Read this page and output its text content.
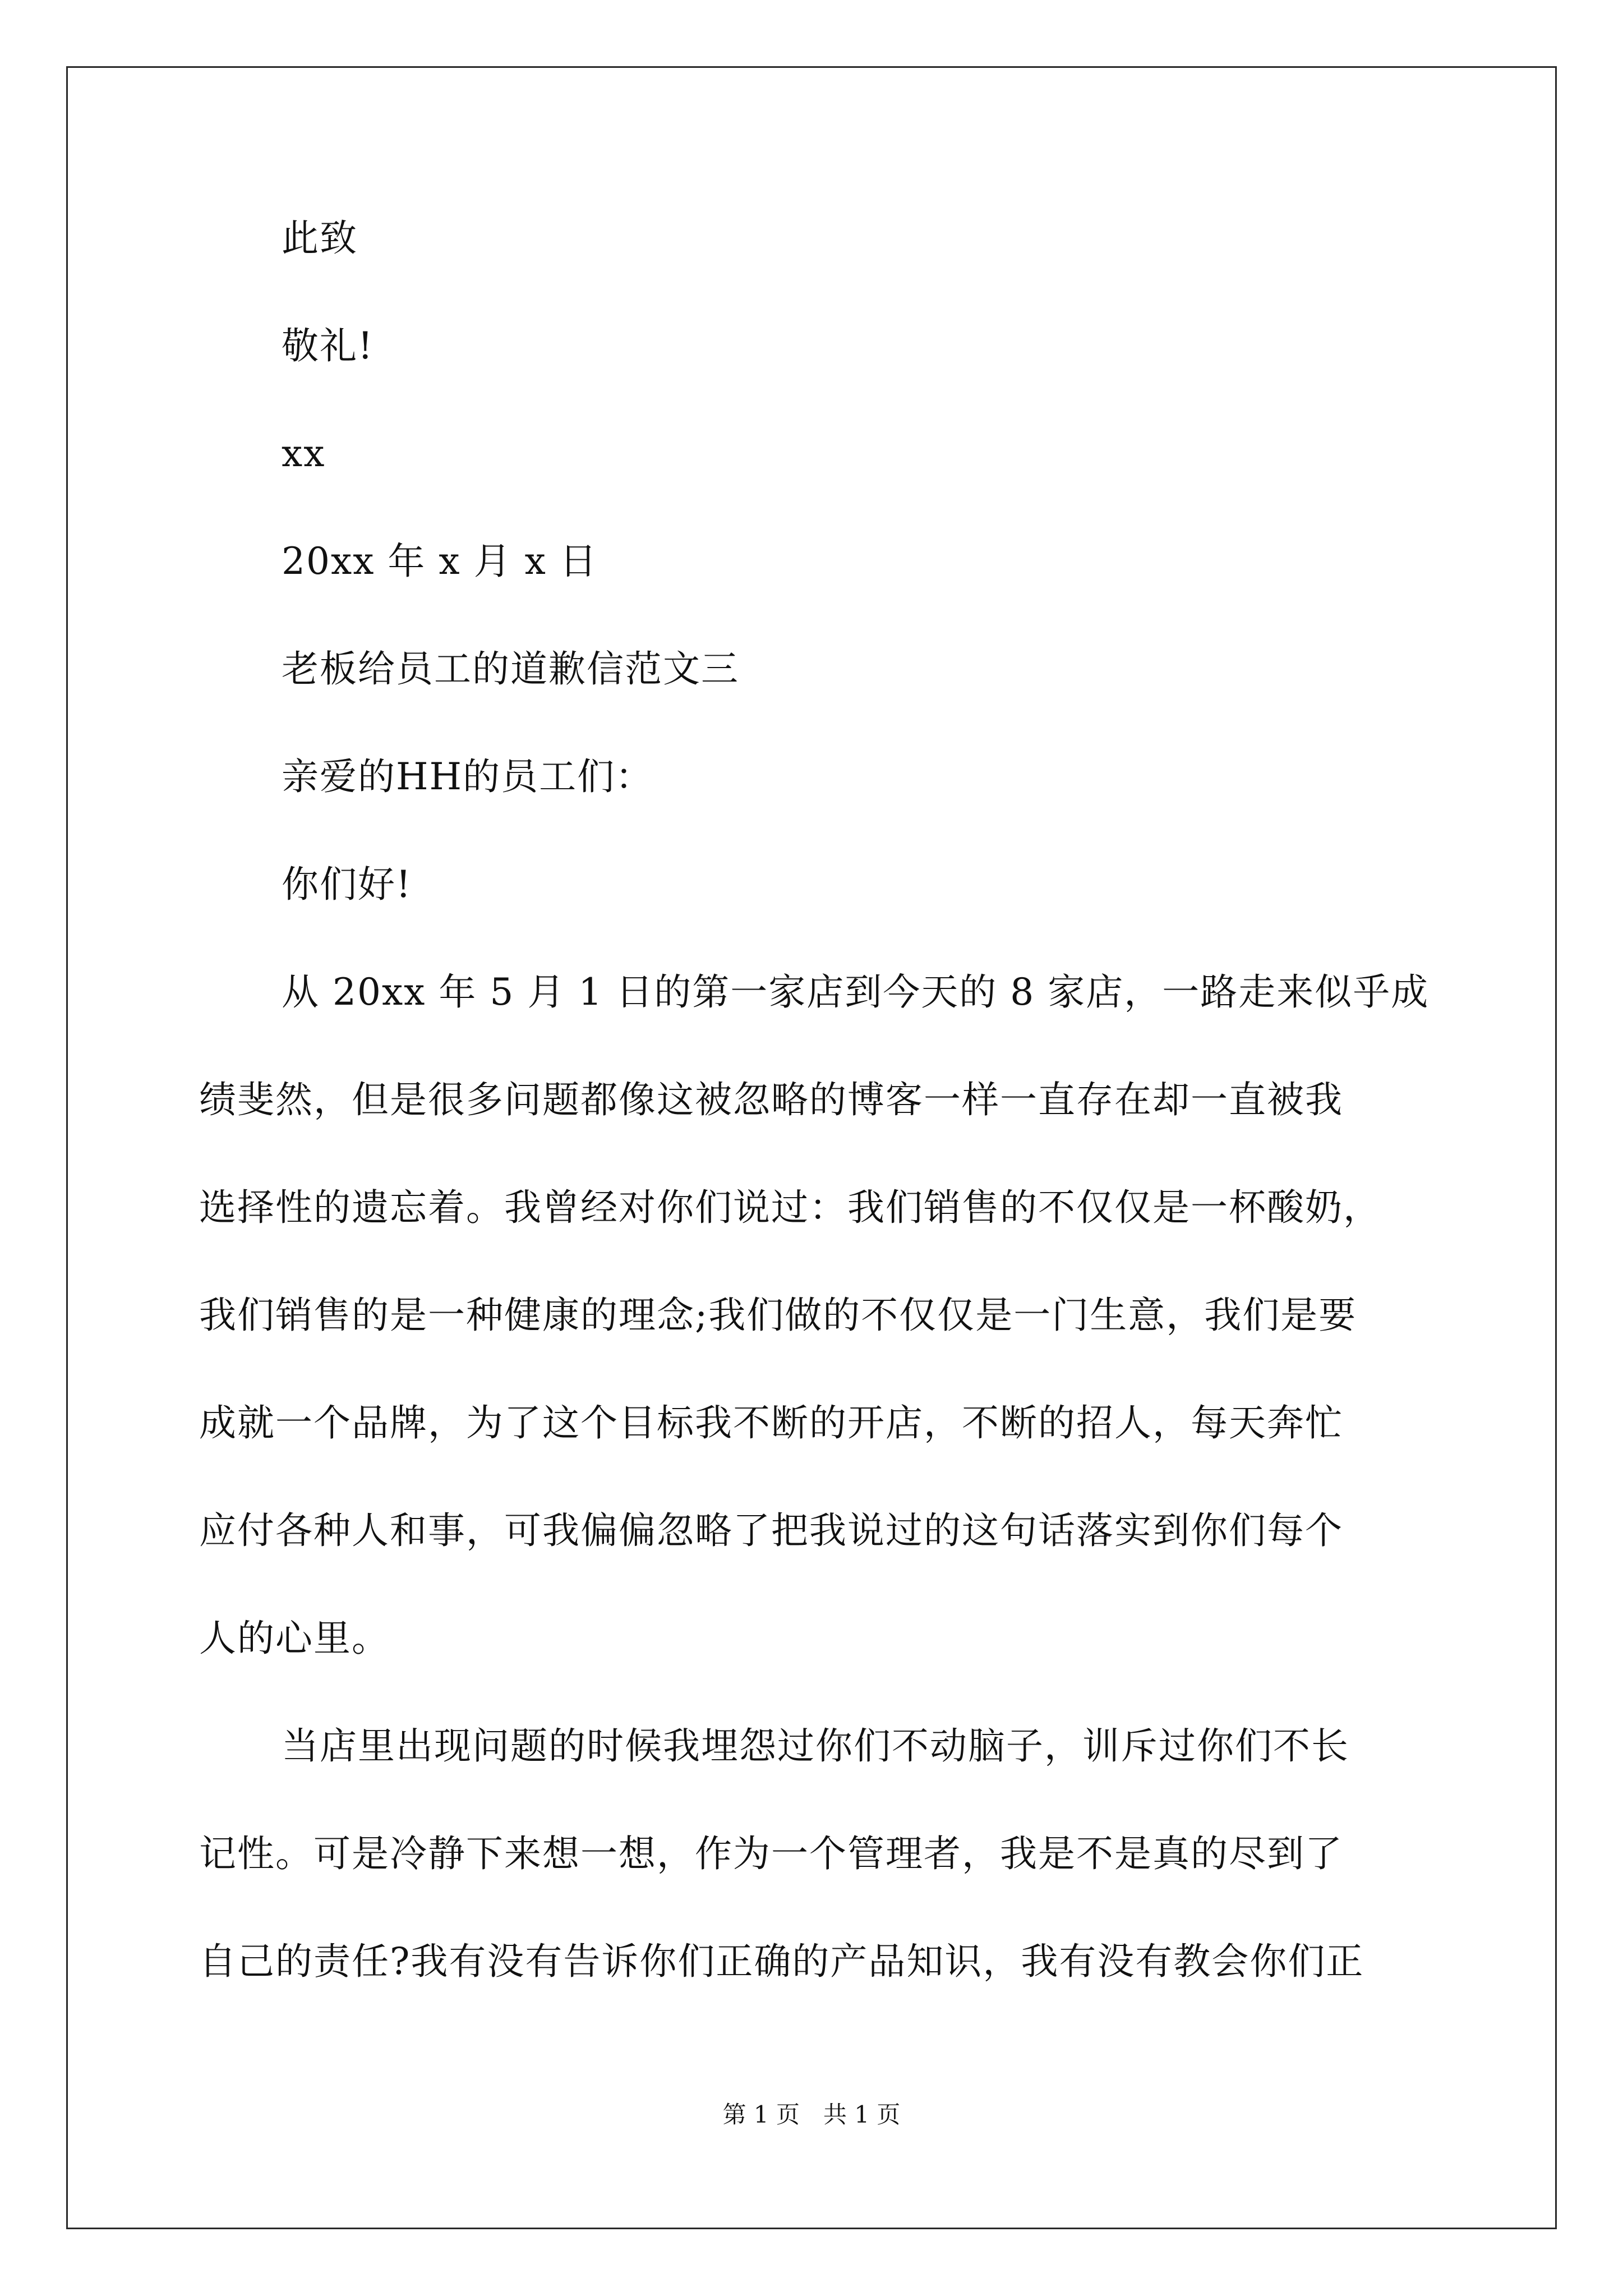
此致
敬礼!
xx
20xx 年 x 月 x 日
老板给员工的道歉信范文三
亲爱的HH的员工们：
你们好!
从 20xx 年 5 月 1 日的第一家店到今天的 8 家店，一路走来似乎成
绩斐然，但是很多问题都像这被忽略的博客一样一直存在却一直被我
选择性的遗忘着。我曾经对你们说过：我们销售的不仅仅是一杯酸奶，
我们销售的是一种健康的理念;我们做的不仅仅是一门生意，我们是要
成就一个品牌，为了这个目标我不断的开店，不断的招人，每天奔忙
应付各种人和事，可我偏偏忽略了把我说过的这句话落实到你们每个
人的心里。
当店里出现问题的时候我埋怨过你们不动脑子，训斥过你们不长
记性。可是冷静下来想一想，作为一个管理者，我是不是真的尽到了
自己的责任?我有没有告诉你们正确的产品知识，我有没有教会你们正
第 1 页　共 1 页
